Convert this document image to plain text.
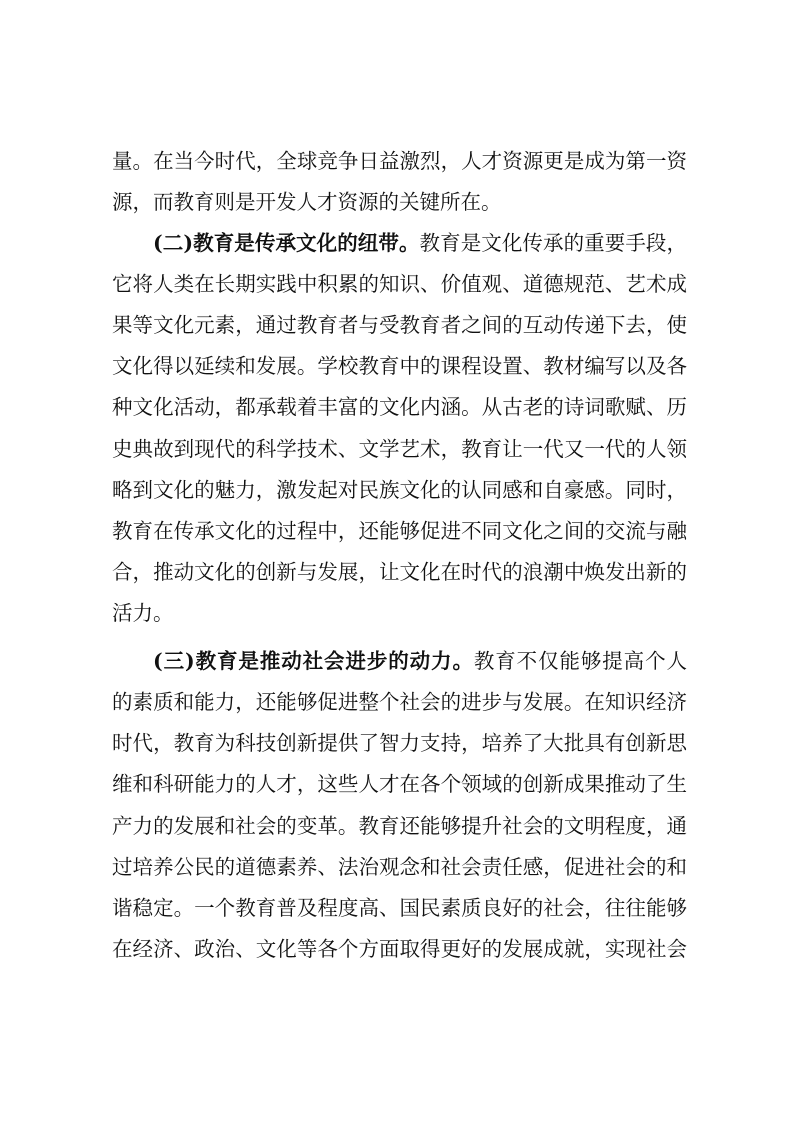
量。在当今时代，全球竞争日益激烈，人才资源更是成为第一资
源，而教育则是开发人才资源的关键所在。
(二)教育是传承文化的纽带。教育是文化传承的重要手段，
它将人类在长期实践中积累的知识、价值观、道德规范、艺术成
果等文化元素，通过教育者与受教育者之间的互动传递下去，使
文化得以延续和发展。学校教育中的课程设置、教材编写以及各
种文化活动，都承载着丰富的文化内涵。从古老的诗词歌赋、历
史典故到现代的科学技术、文学艺术，教育让一代又一代的人领
略到文化的魅力，激发起对民族文化的认同感和自豪感。同时，
教育在传承文化的过程中，还能够促进不同文化之间的交流与融
合，推动文化的创新与发展，让文化在时代的浪潮中焕发出新的
活力。
(三)教育是推动社会进步的动力。教育不仅能够提高个人
的素质和能力，还能够促进整个社会的进步与发展。在知识经济
时代，教育为科技创新提供了智力支持，培养了大批具有创新思
维和科研能力的人才，这些人才在各个领域的创新成果推动了生
产力的发展和社会的变革。教育还能够提升社会的文明程度，通
过培养公民的道德素养、法治观念和社会责任感，促进社会的和
谐稳定。一个教育普及程度高、国民素质良好的社会，往往能够
在经济、政治、文化等各个方面取得更好的发展成就，实现社会
